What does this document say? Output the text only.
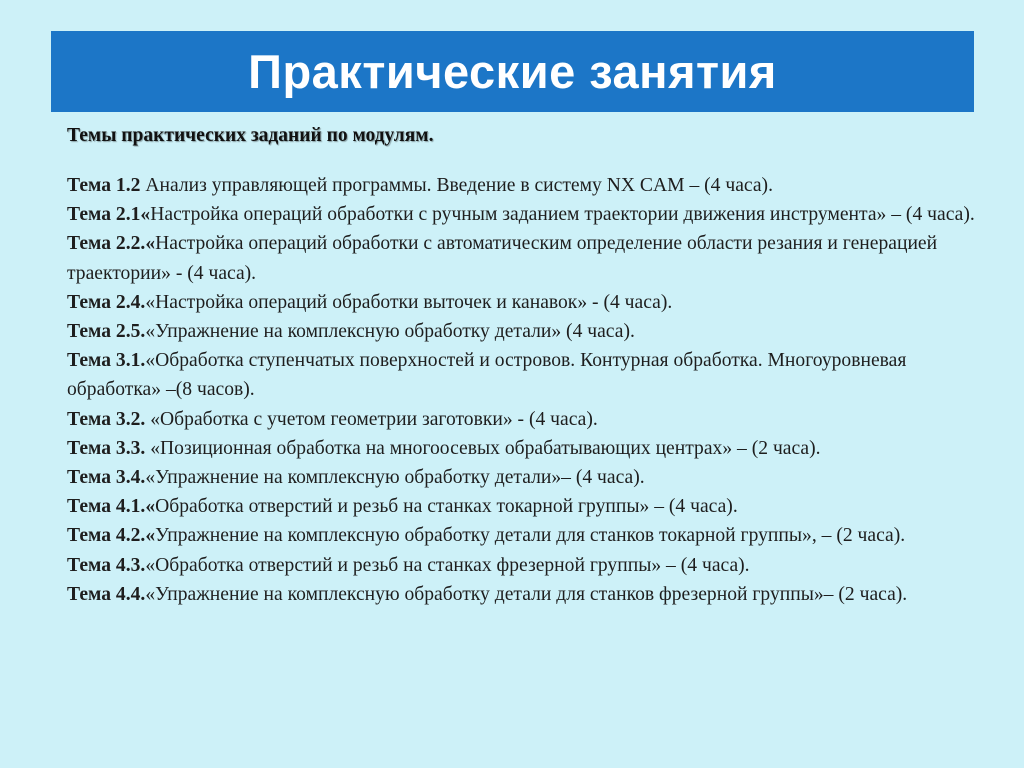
Практические занятия
Темы практических заданий по модулям.
Тема 1.2 Анализ управляющей программы. Введение в систему NX CAM – (4 часа).
Тема 2.1«Настройка операций обработки с ручным заданием траектории движения инструмента» – (4 часа).
Тема 2.2.«Настройка операций обработки с автоматическим определение области резания и генерацией траектории» - (4 часа).
Тема 2.4.«Настройка операций обработки выточек и канавок» - (4 часа).
Тема 2.5.«Упражнение на комплексную обработку детали» (4 часа).
Тема 3.1.«Обработка ступенчатых поверхностей и островов. Контурная обработка. Многоуровневая обработка» –(8 часов).
Тема 3.2. «Обработка с учетом геометрии заготовки» - (4 часа).
Тема 3.3. «Позиционная обработка на многоосевых обрабатывающих центрах» – (2 часа).
Тема 3.4.«Упражнение на комплексную обработку детали»– (4 часа).
Тема 4.1.«Обработка отверстий и резьб на станках токарной группы» – (4 часа).
Тема 4.2.«Упражнение на комплексную обработку детали для станков токарной группы», – (2 часа).
Тема 4.3.«Обработка отверстий и резьб на станках фрезерной группы» – (4 часа).
Тема 4.4.«Упражнение на комплексную обработку детали для станков фрезерной группы»– (2 часа).
